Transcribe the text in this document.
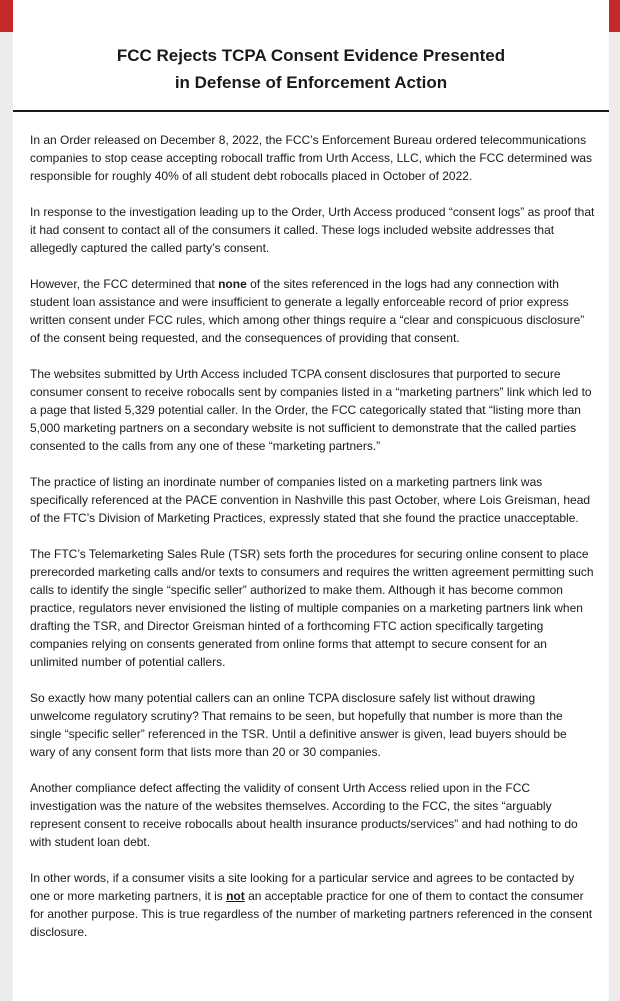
FCC Rejects TCPA Consent Evidence Presented
in Defense of Enforcement Action

In an Order released on December 8, 2022, the FCC’s Enforcement Bureau ordered telecommunications companies to stop cease accepting robocall traffic from Urth Access, LLC, which the FCC determined was responsible for roughly 40% of all student debt robocalls placed in October of 2022.

In response to the investigation leading up to the Order, Urth Access produced “consent logs” as proof that it had consent to contact all of the consumers it called. These logs included website addresses that allegedly captured the called party’s consent.

However, the FCC determined that none of the sites referenced in the logs had any connection with student loan assistance and were insufficient to generate a legally enforceable record of prior express written consent under FCC rules, which among other things require a “clear and conspicuous disclosure” of the consent being requested, and the consequences of providing that consent.

The websites submitted by Urth Access included TCPA consent disclosures that purported to secure consumer consent to receive robocalls sent by companies listed in a “marketing partners” link which led to a page that listed 5,329 potential caller. In the Order, the FCC categorically stated that “listing more than 5,000 marketing partners on a secondary website is not sufficient to demonstrate that the called parties consented to the calls from any one of these “marketing partners.”

The practice of listing an inordinate number of companies listed on a marketing partners link was specifically referenced at the PACE convention in Nashville this past October, where Lois Greisman, head of the FTC’s Division of Marketing Practices, expressly stated that she found the practice unacceptable.

The FTC’s Telemarketing Sales Rule (TSR) sets forth the procedures for securing online consent to place prerecorded marketing calls and/or texts to consumers and requires the written agreement permitting such calls to identify the single “specific seller” authorized to make them. Although it has become common practice, regulators never envisioned the listing of multiple companies on a marketing partners link when drafting the TSR, and Director Greisman hinted of a forthcoming FTC action specifically targeting companies relying on consents generated from online forms that attempt to secure consent for an unlimited number of potential callers.

So exactly how many potential callers can an online TCPA disclosure safely list without drawing unwelcome regulatory scrutiny? That remains to be seen, but hopefully that number is more than the single “specific seller” referenced in the TSR. Until a definitive answer is given, lead buyers should be wary of any consent form that lists more than 20 or 30 companies.

Another compliance defect affecting the validity of consent Urth Access relied upon in the FCC investigation was the nature of the websites themselves. According to the FCC, the sites “arguably represent consent to receive robocalls about health insurance products/services” and had nothing to do with student loan debt.

In other words, if a consumer visits a site looking for a particular service and agrees to be contacted by one or more marketing partners, it is not an acceptable practice for one of them to contact the consumer for another purpose. This is true regardless of the number of marketing partners referenced in the consent disclosure.
